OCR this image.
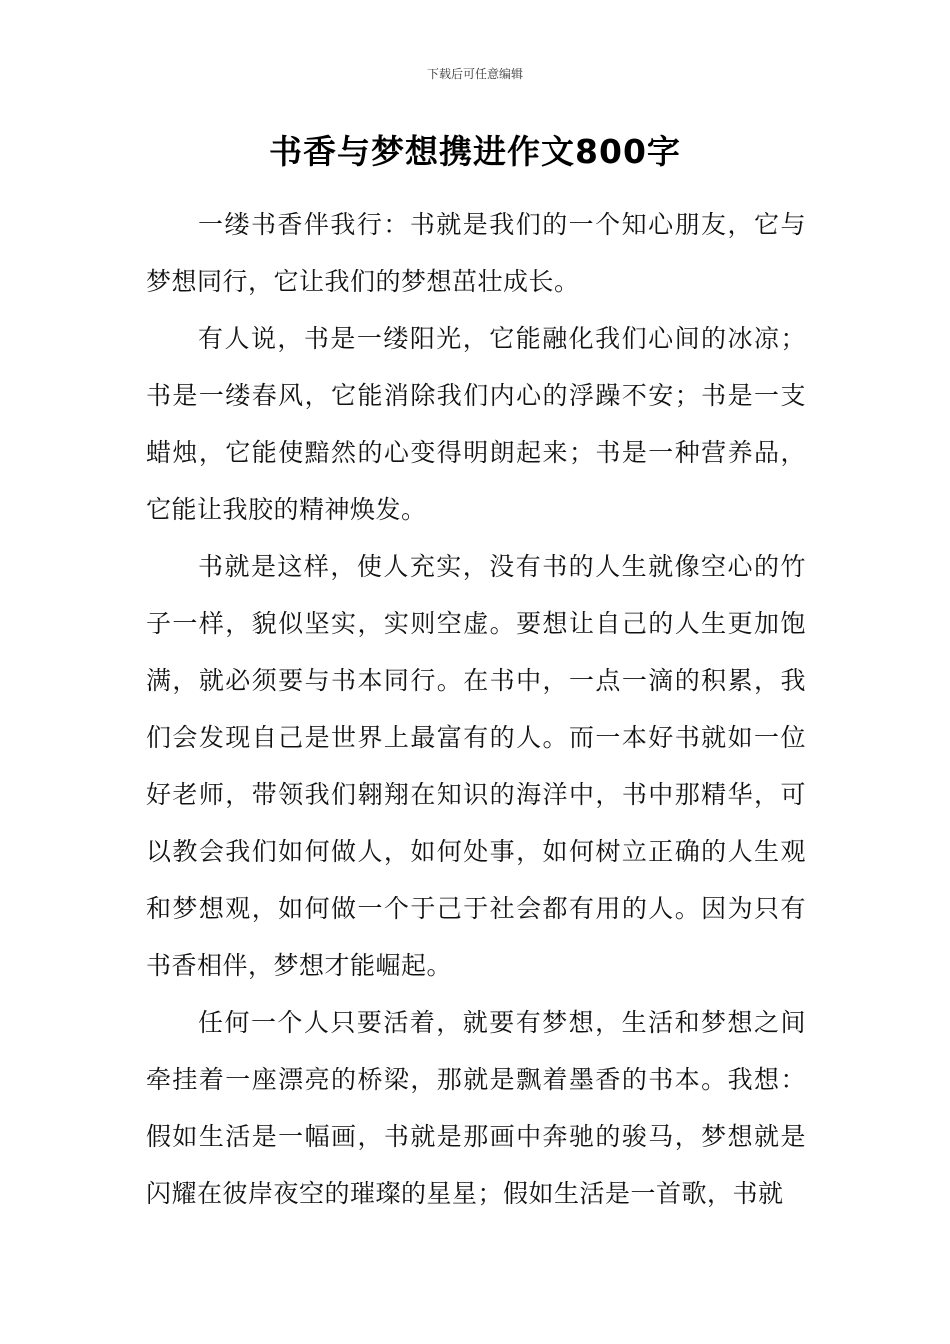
下载后可任意编辑
书香与梦想携进作文800字

一缕书香伴我行：书就是我们的一个知心朋友，它与梦想同行，它让我们的梦想茁壮成长。

有人说，书是一缕阳光，它能融化我们心间的冰凉；书是一缕春风，它能消除我们内心的浮躁不安；书是一支蜡烛，它能使黯然的心变得明朗起来；书是一种营养品，它能让我胶的精神焕发。

书就是这样，使人充实，没有书的人生就像空心的竹子一样，貌似坚实，实则空虚。要想让自己的人生更加饱满，就必须要与书本同行。在书中，一点一滴的积累，我们会发现自己是世界上最富有的人。而一本好书就如一位好老师，带领我们翱翔在知识的海洋中，书中那精华，可以教会我们如何做人，如何处事，如何树立正确的人生观和梦想观，如何做一个于己于社会都有用的人。因为只有书香相伴，梦想才能崛起。

任何一个人只要活着，就要有梦想，生活和梦想之间牵挂着一座漂亮的桥梁，那就是飘着墨香的书本。我想：假如生活是一幅画，书就是那画中奔驰的骏马，梦想就是闪耀在彼岸夜空的璀璨的星星；假如生活是一首歌，书就
